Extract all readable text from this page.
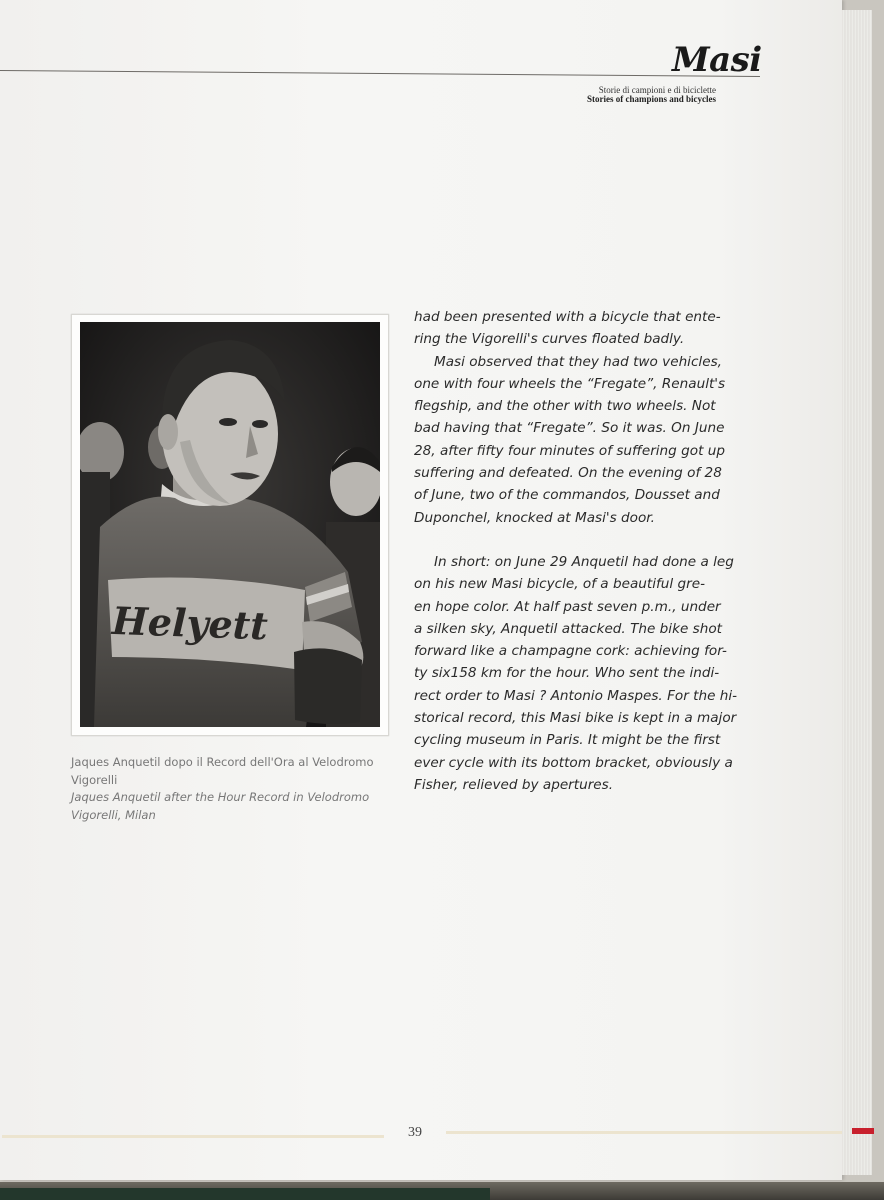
Masi
Storie di campioni e di biciclette
Stories of champions and bicycles
Helyett
Jaques Anquetil dopo il Record dell'Ora al Velodromo
Vigorelli
Jaques Anquetil after the Hour Record in Velodromo
Vigorelli, Milan

had been presented with a bicycle that ente-

ring the Vigorelli's curves floated badly.

Masi observed that they had two vehicles,

one with four wheels the “Fregate”, Renault's

flegship, and the other with two wheels. Not

bad having that “Fregate”. So it was. On June

28, after fifty four minutes of suffering got up

suffering and defeated. On the evening of 28

of June, two of the commandos, Dousset and

Duponchel, knocked at Masi's door.

In short: on June 29 Anquetil had done a leg

on his new Masi bicycle, of a beautiful gre-

en hope color. At half past seven p.m., under

a silken sky, Anquetil attacked. The bike shot

forward like a champagne cork: achieving for-

ty six158 km for the hour. Who sent the indi-

rect order to Masi ? Antonio Maspes. For the hi-

storical record, this Masi bike is kept in a major

cycling museum in Paris. It might be the first

ever cycle with its bottom bracket, obviously a

Fisher, relieved by apertures.

39
